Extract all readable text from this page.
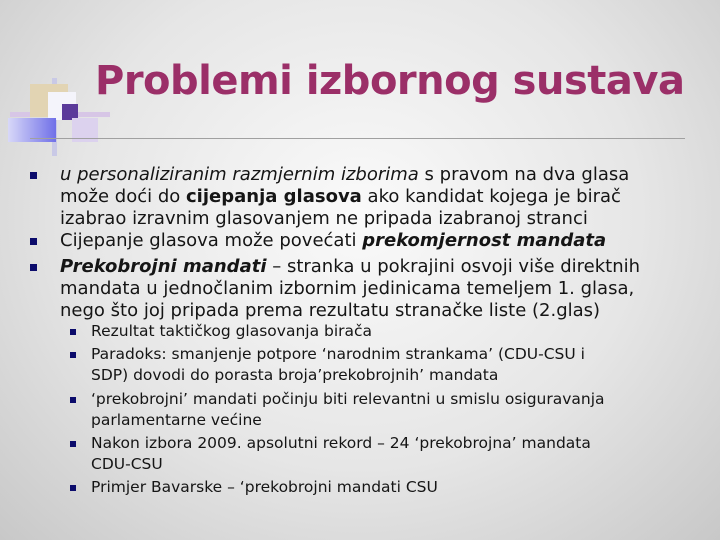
Problemi izbornog sustava
u personaliziranim razmjernim izborima s pravom na dva glasa
može doći do cijepanja glasova ako kandidat kojega je birač
izabrao izravnim glasovanjem ne pripada izabranoj stranci
Cijepanje glasova može povećati prekomjernost mandata
Prekobrojni mandati – stranka u pokrajini osvoji više direktnih
mandata u jednočlanim izbornim jedinicama temeljem 1. glasa,
nego što joj pripada prema rezultatu stranačke liste (2.glas)
Rezultat taktičkog glasovanja birača
Paradoks: smanjenje potpore ‘narodnim strankama’ (CDU-CSU i
SDP) dovodi do porasta broja’prekobrojnih’ mandata
‘prekobrojni’ mandati počinju biti relevantni u smislu osiguravanja
parlamentarne većine
Nakon izbora 2009. apsolutni rekord – 24 ‘prekobrojna’ mandata
CDU-CSU
Primjer Bavarske – ‘prekobrojni mandati CSU
